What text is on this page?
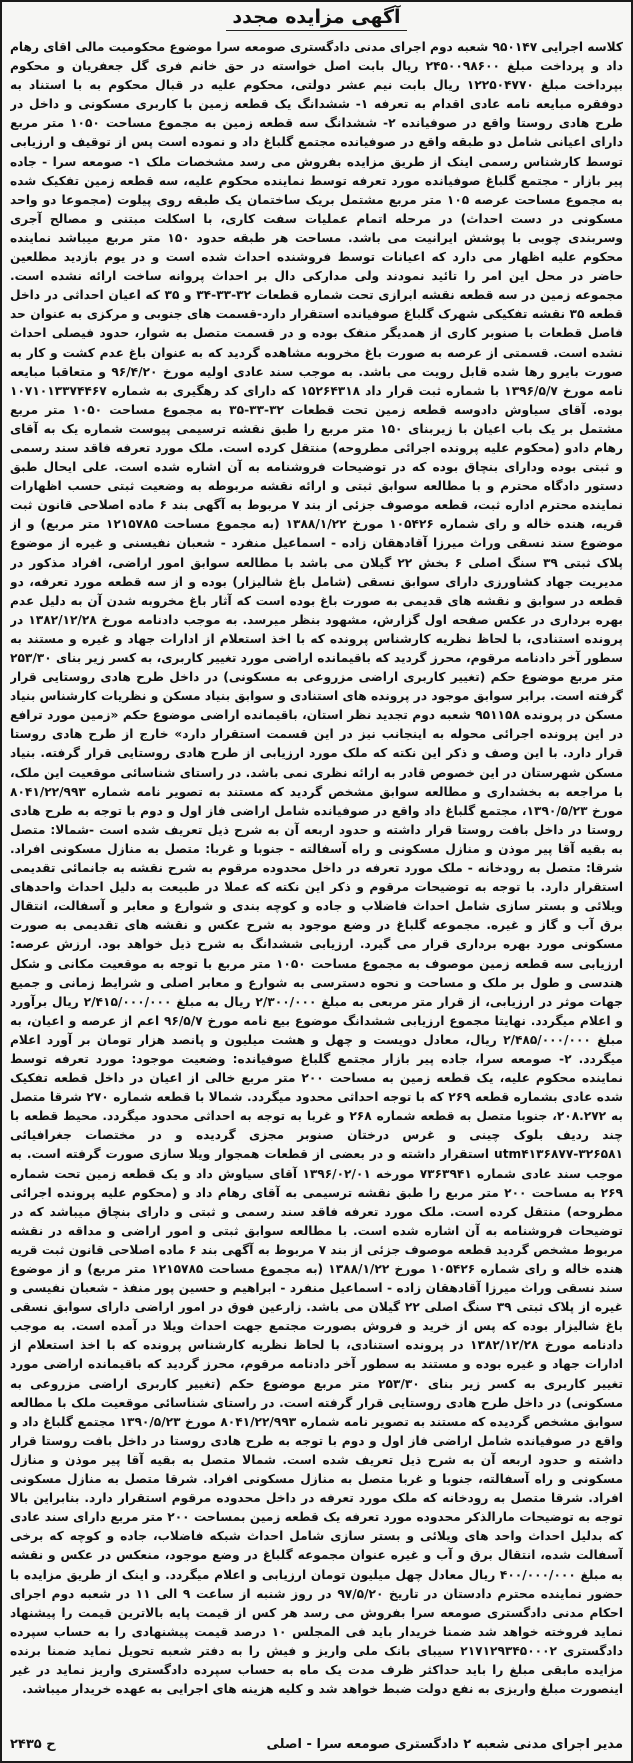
آگهی مزایده مجدد
کلاسه اجرایی ۹۵۰۱۴۷ شعبه دوم اجرای مدنی دادگستری صومعه سرا موضوع محکومیت مالی اقای رهام داد و پرداخت مبلغ ۲۴۵۰۰۹۸۶۰۰ ریال بابت اصل خواسته در حق خانم فری گل جعفریان و محکوم بپرداخت مبلغ ۱۲۲۵۰۴۷۷۰ ریال بابت نیم عشر دولتی، محکوم علیه در قبال محکوم به با استناد به دوفقره مبایعه نامه عادی اقدام به تعرفه ۱- ششدانگ یک قطعه زمین با کاربری مسکونی و داخل در طرح هادی روستا واقع در صوفیانده ۲- ششدانگ سه قطعه زمین به مجموع مساحت ۱۰۵۰ متر مربع دارای اعیانی شامل دو طبقه واقع در صوفیانده مجتمع گلباغ داد و نموده است پس از توقیف و ارزیابی توسط کارشناس رسمی اینک از طریق مزایده بفروش می رسد مشخصات ملک ۱- صومعه سرا - جاده پیر بازار - مجتمع گلباغ صوفیانده مورد تعرفه توسط نماینده محکوم علیه، سه قطعه زمین تفکیک شده به مجموع مساحت عرصه ۱۰۵ متر مربع مشتمل بریک ساختمان یک طبقه روی پیلوت (مجموعا دو واحد مسکونی در دست احداث) در مرحله اتمام عملیات سفت کاری، با اسکلت مبتنی و مصالح آجری وسربندی چوبی با پوشش ایرانیت می باشد. مساحت هر طبقه حدود ۱۵۰ متر مربع میباشد نماینده محکوم علیه اظهار می دارد که اعیانات توسط فروشنده احداث شده است و در یوم بازدید مطلعین حاضر در محل این امر را تائید نمودند ولی مدارکی دال بر احداث پروانه ساخت ارائه نشده است. مجموعه زمین در سه قطعه نقشه ابرازی تحت شماره قطعات ۳۲-۳۳-۳۴ و ۳۵ که اعیان احداثی در داخل قطعه ۳۵ نقشه تفکیکی شهرک گلباغ صوفیانده استقرار دارد-قسمت های جنوبی و مرکزی به عنوان حد فاصل قطعات با صنوبر کاری از همدیگر منفک بوده و در قسمت متصل به شوار، حدود فیصلی احداث نشده است. قسمتی از عرصه به صورت باغ مخروبه مشاهده گردید که به عنوان باغ عدم کشت و کار به صورت بایرو رها شده قابل رویت می باشد. به موجب سند عادی اولیه مورخ ۹۶/۴/۲۰ و متعاقبا مبایعه نامه مورخ ۱۳۹۶/۵/۷ با شماره ثبت قرار داد ۱۵۲۶۴۳۱۸ که دارای کد رهگیری به شماره ۱۰۷۱۰۱۳۳۷۴۴۶۷ بوده. آقای سیاوش دادوسه قطعه زمین تحت قطعات ۳۲-۳۳-۳۵ به مجموع مساحت ۱۰۵۰ متر مربع مشتمل بر یک باب اعیان با زیربنای ۱۵۰ متر مربع را طبق نقشه ترسیمی پیوست شماره یک به آقای رهام دادو (محکوم علیه پرونده اجرائی مطروحه) منتقل کرده است. ملک مورد تعرفه فاقد سند رسمی و ثبتی بوده ودارای بنچاق بوده که در توضیحات فروشنامه به آن اشاره شده است. علی ایحال طبق دستور دادگاه محترم و با مطالعه سوابق ثبتی و ارائه نقشه مربوطه به وضعیت ثبتی حسب اظهارات نماینده محترم اداره ثبت، قطعه موصوف جزئی از بند ۷ مربوط به آگهی بند ۶ ماده اصلاحی قانون ثبت قریه، هنده خاله و رای شماره ۱۰۵۴۲۶ مورخ ۱۳۸۸/۱/۲۲ (به مجموع مساحت ۱۲۱۵۷۸۵ متر مربع) و از موضوع سند نسقی وراث میرزا آقادهقان زاده - اسماعیل منفرد - شعبان نفیسنی و غیره از موضوع پلاک ثبتی ۳۹ سنگ اصلی ۶ بخش ۲۲ گیلان می باشد با مطالعه سوابق امور اراضی، افراد مذکور در مدیریت جهاد کشاورزی دارای سوابق نسقی (شامل باغ شالیزار) بوده و از سه قطعه مورد تعرفه، دو قطعه در سوابق و نقشه های قدیمی به صورت باغ بوده است که آثار باغ مخروبه شدن آن به دلیل عدم بهره برداری در عکس صفحه اول گزارش، مشهود بنظر میرسد. به موجب دادنامه مورخ ۱۳۸۲/۱۲/۲۸ در پرونده استنادی، با لحاظ نظریه کارشناس پرونده که با اخذ استعلام از ادارات جهاد و غیره و مستند به سطور آخر دادنامه مرقوم، محرز گردید که باقیمانده اراضی مورد تغییر کاربری، به کسر زیر بنای ۲۵۳/۳۰ متر مربع موضوع حکم (تغییر کاربری اراضی مزروعی به مسکونی) در داخل طرح هادی روستایی قرار گرفته است. برابر سوابق موجود در پرونده های استنادی و سوابق بنیاد مسکن و نظریات کارشناس بنیاد مسکن در پرونده ۹۵۱۱۵۸ شعبه دوم تجدید نظر استان، باقیمانده اراضی موضوع حکم «زمین مورد ترافع در این پرونده اجرائی محوله به اینجانب نیز در این قسمت استقرار دارد» خارج از طرح هادی روستا قرار دارد. با این وصف و ذکر این نکته که ملک مورد ارزیابی از طرح هادی روستایی قرار گرفته. بنیاد مسکن شهرستان در این خصوص قادر به ارائه نظری نمی باشد. در راستای شناسائی موقعیت این ملک، با مراجعه به بخشداری و مطالعه سوابق مشخص گردید که مستند به تصویر نامه شماره ۸۰۴۱/۲۲/۹۹۳ مورخ ۱۳۹۰/۵/۲۳، مجتمع گلباغ داد واقع در صوفیانده شامل اراضی فاز اول و دوم با توجه به طرح هادی روستا در داخل بافت روستا قرار داشته و حدود اربعه آن به شرح ذیل تعریف شده است -شمالا: متصل به بقیه آقا پیر موذن و منازل مسکونی و راه آسفالته - جنوبا و غربا: متصل به منازل مسکونی افراد. شرقا: متصل به رودخانه - ملک مورد تعرفه در داخل محدوده مرقوم به شرح نقشه به جانمائی تقدیمی استقرار دارد. با توجه به توضیحات مرقوم و ذکر این نکته که عملا در طبیعت به دلیل احداث واحدهای ویلائی و بستر سازی شامل احداث فاضلاب و جاده و کوچه بندی و شوارع و معابر و آسفالت، انتقال برق آب و گاز و غیره. مجموعه گلباغ در وضع موجود به شرح عکس و نقشه های تقدیمی به صورت مسکونی مورد بهره برداری قرار می گیرد. ارزیابی ششدانگ به شرح ذیل خواهد بود. ارزش عرصه: ارزیابی سه قطعه زمین موصوف به مجموع مساحت ۱۰۵۰ متر مربع با توجه به موقعیت مکانی و شکل هندسی و طول بر ملک و مساحت و نحوه دسترسی به شوارع و معابر اصلی و شرایط زمانی و جمیع جهات موثر در ارزیابی، از قرار متر مربعی به مبلغ ۲/۳۰۰/۰۰۰ ریال به مبلغ ۲/۴۱۵/۰۰۰/۰۰۰ ریال برآورد و اعلام میگردد. نهایتا مجموع ارزیابی ششدانگ موضوع بیع نامه مورخ ۹۶/۵/۷ اعم از عرصه و اعیان، به مبلغ ۲/۴۸۵/۰۰۰/۰۰۰ ریال، معادل دویست و چهل و هشت میلیون و پانصد هزار تومان بر آورد اعلام میگردد. ۲- صومعه سرا، جاده پیر بازار مجتمع گلباغ صوفیانده: وضعیت موجود: مورد تعرفه توسط نماینده محکوم علیه، یک قطعه زمین به مساحت ۲۰۰ متر مربع خالی از اعیان در داخل قطعه تفکیک شده عادی بشماره قطعه ۲۶۹ که با توجه احداثی محدود میگردد. شمالا با قطعه شماره ۲۷۰ شرقا متصل به ۲۰۸.۲۷۲، جنوبا متصل به قطعه شماره ۲۶۸ و غربا به توجه به احداثی محدود میگردد. محیط قطعه با چند ردیف بلوک چینی و غرس درختان صنوبر مجزی گردیده و در مختصات جغرافیائی utm۴۱۳۶۸۷۷-۳۲۶۵۸۱ استقرار داشته و در بعضی از قطعات همجوار ویلا سازی صورت گرفته است. به موجب سند عادی شماره ۷۳۶۳۹۴۱ مورخه ۱۳۹۶/۰۲/۰۱ آقای سیاوش داد و یک قطعه زمین تحت شماره ۲۶۹ به مساحت ۲۰۰ متر مربع را طبق نقشه ترسیمی به آقای رهام داد و (محکوم علیه پرونده اجرائی مطروحه) منتقل کرده است. ملک مورد تعرفه فاقد سند رسمی و ثبتی و دارای بنچاق میباشد که در توضیحات فروشنامه به آن اشاره شده است. با مطالعه سوابق ثبتی و امور اراضی و مداقه در نقشه مربوط مشخص گردید قطعه موصوف جزئی از بند ۷ مربوط به آگهی بند ۶ ماده اصلاحی قانون ثبت قریه هنده خاله و رای شماره ۱۰۵۴۲۶ مورخ ۱۳۸۸/۱/۲۲ (به مجموع مساحت ۱۲۱۵۷۸۵ متر مربع) و از موضوع سند نسقی وراث میرزا آقادهقان زاده - اسماعیل منفرد - ابراهیم و حسین پور منفذ - شعبان نفیسی و غیره از پلاک ثبتی ۳۹ سنگ اصلی ۲۲ گیلان می باشد. زارعین فوق در امور اراضی دارای سوابق نسقی باغ شالیزار بوده که پس از خرید و فروش بصورت مجتمع جهت احداث ویلا در آمده است. به موجب دادنامه مورخ ۱۳۸۲/۱۲/۲۸ در پرونده استنادی، با لحاظ نظریه کارشناس پرونده که با اخذ استعلام از ادارات جهاد و غیره بوده و مستند به سطور آخر دادنامه مرقوم، محرز گردید که باقیمانده اراضی مورد تغییر کاربری به کسر زیر بنای ۲۵۳/۳۰ متر مربع موضوع حکم (تغییر کاربری اراضی مزروعی به مسکونی) در داخل طرح هادی روستایی قرار گرفته است. در راستای شناسائی موقعیت ملک با مطالعه سوابق مشخص گردیده که مستند به تصویر نامه شماره ۸۰۴۱/۲۲/۹۹۳ مورخ ۱۳۹۰/۵/۲۳ مجتمع گلباغ داد و واقع در صوفیانده شامل اراضی فاز اول و دوم با توجه به طرح هادی روستا در داخل بافت روستا قرار داشته و حدود اربعه آن به شرح ذیل تعریف شده است. شمالا متصل به بقیه آقا پیر موذن و منازل مسکونی و راه آسفالته، جنوبا و غربا متصل به منازل مسکونی افراد. شرقا متصل به منازل مسکونی افراد. شرقا متصل به رودخانه که ملک مورد تعرفه در داخل محدوده مرقوم استقرار دارد. بنابراین بالا توجه به توضیحات مارالذکر محدوده مورد تعرفه یک قطعه زمین بمساحت ۲۰۰ متر مربع دارای سند عادی که بدلیل احداث واحد های ویلائی و بستر سازی شامل احداث شبکه فاضلاب، جاده و کوچه که برخی آسفالت شده، انتقال برق و آب و غیره عنوان مجموعه گلباغ در وضع موجود، منعکس در عکس و نقشه به مبلغ ۴۰۰/۰۰۰/۰۰۰ ریال معادل چهل میلیون تومان ارزیابی و اعلام میگردد. و اینک از طریق مزایده با حضور نماینده محترم دادستان در تاریخ ۹۷/۵/۲۰ در روز شنبه از ساعت ۹ الی ۱۱ در شعبه دوم اجرای احکام مدنی دادگستری صومعه سرا بفروش می رسد هر کس از قیمت پایه بالاترین قیمت را پیشنهاد نماید فروخته خواهد شد ضمنا خریدار باید فی المجلس ۱۰ درصد قیمت پیشنهادی را به حساب سپرده دادگستری ۲۱۷۱۲۹۳۴۵۰۰۰۲ سیبای بانک ملی واریز و فیش را به دفتر شعبه تحویل نماید ضمنا برنده مزایده مابقی مبلغ را باید حداکثر ظرف مدت یک ماه به حساب سپرده دادگستری واریز نماید در غیر اینصورت مبلغ واریزی به نفع دولت ضبط خواهد شد و کلیه هزینه های اجرایی به عهده خریدار میباشد.
مدیر اجرای مدنی شعبه ۲ دادگستری صومعه سرا - اصلی
ح ۲۴۳۵
